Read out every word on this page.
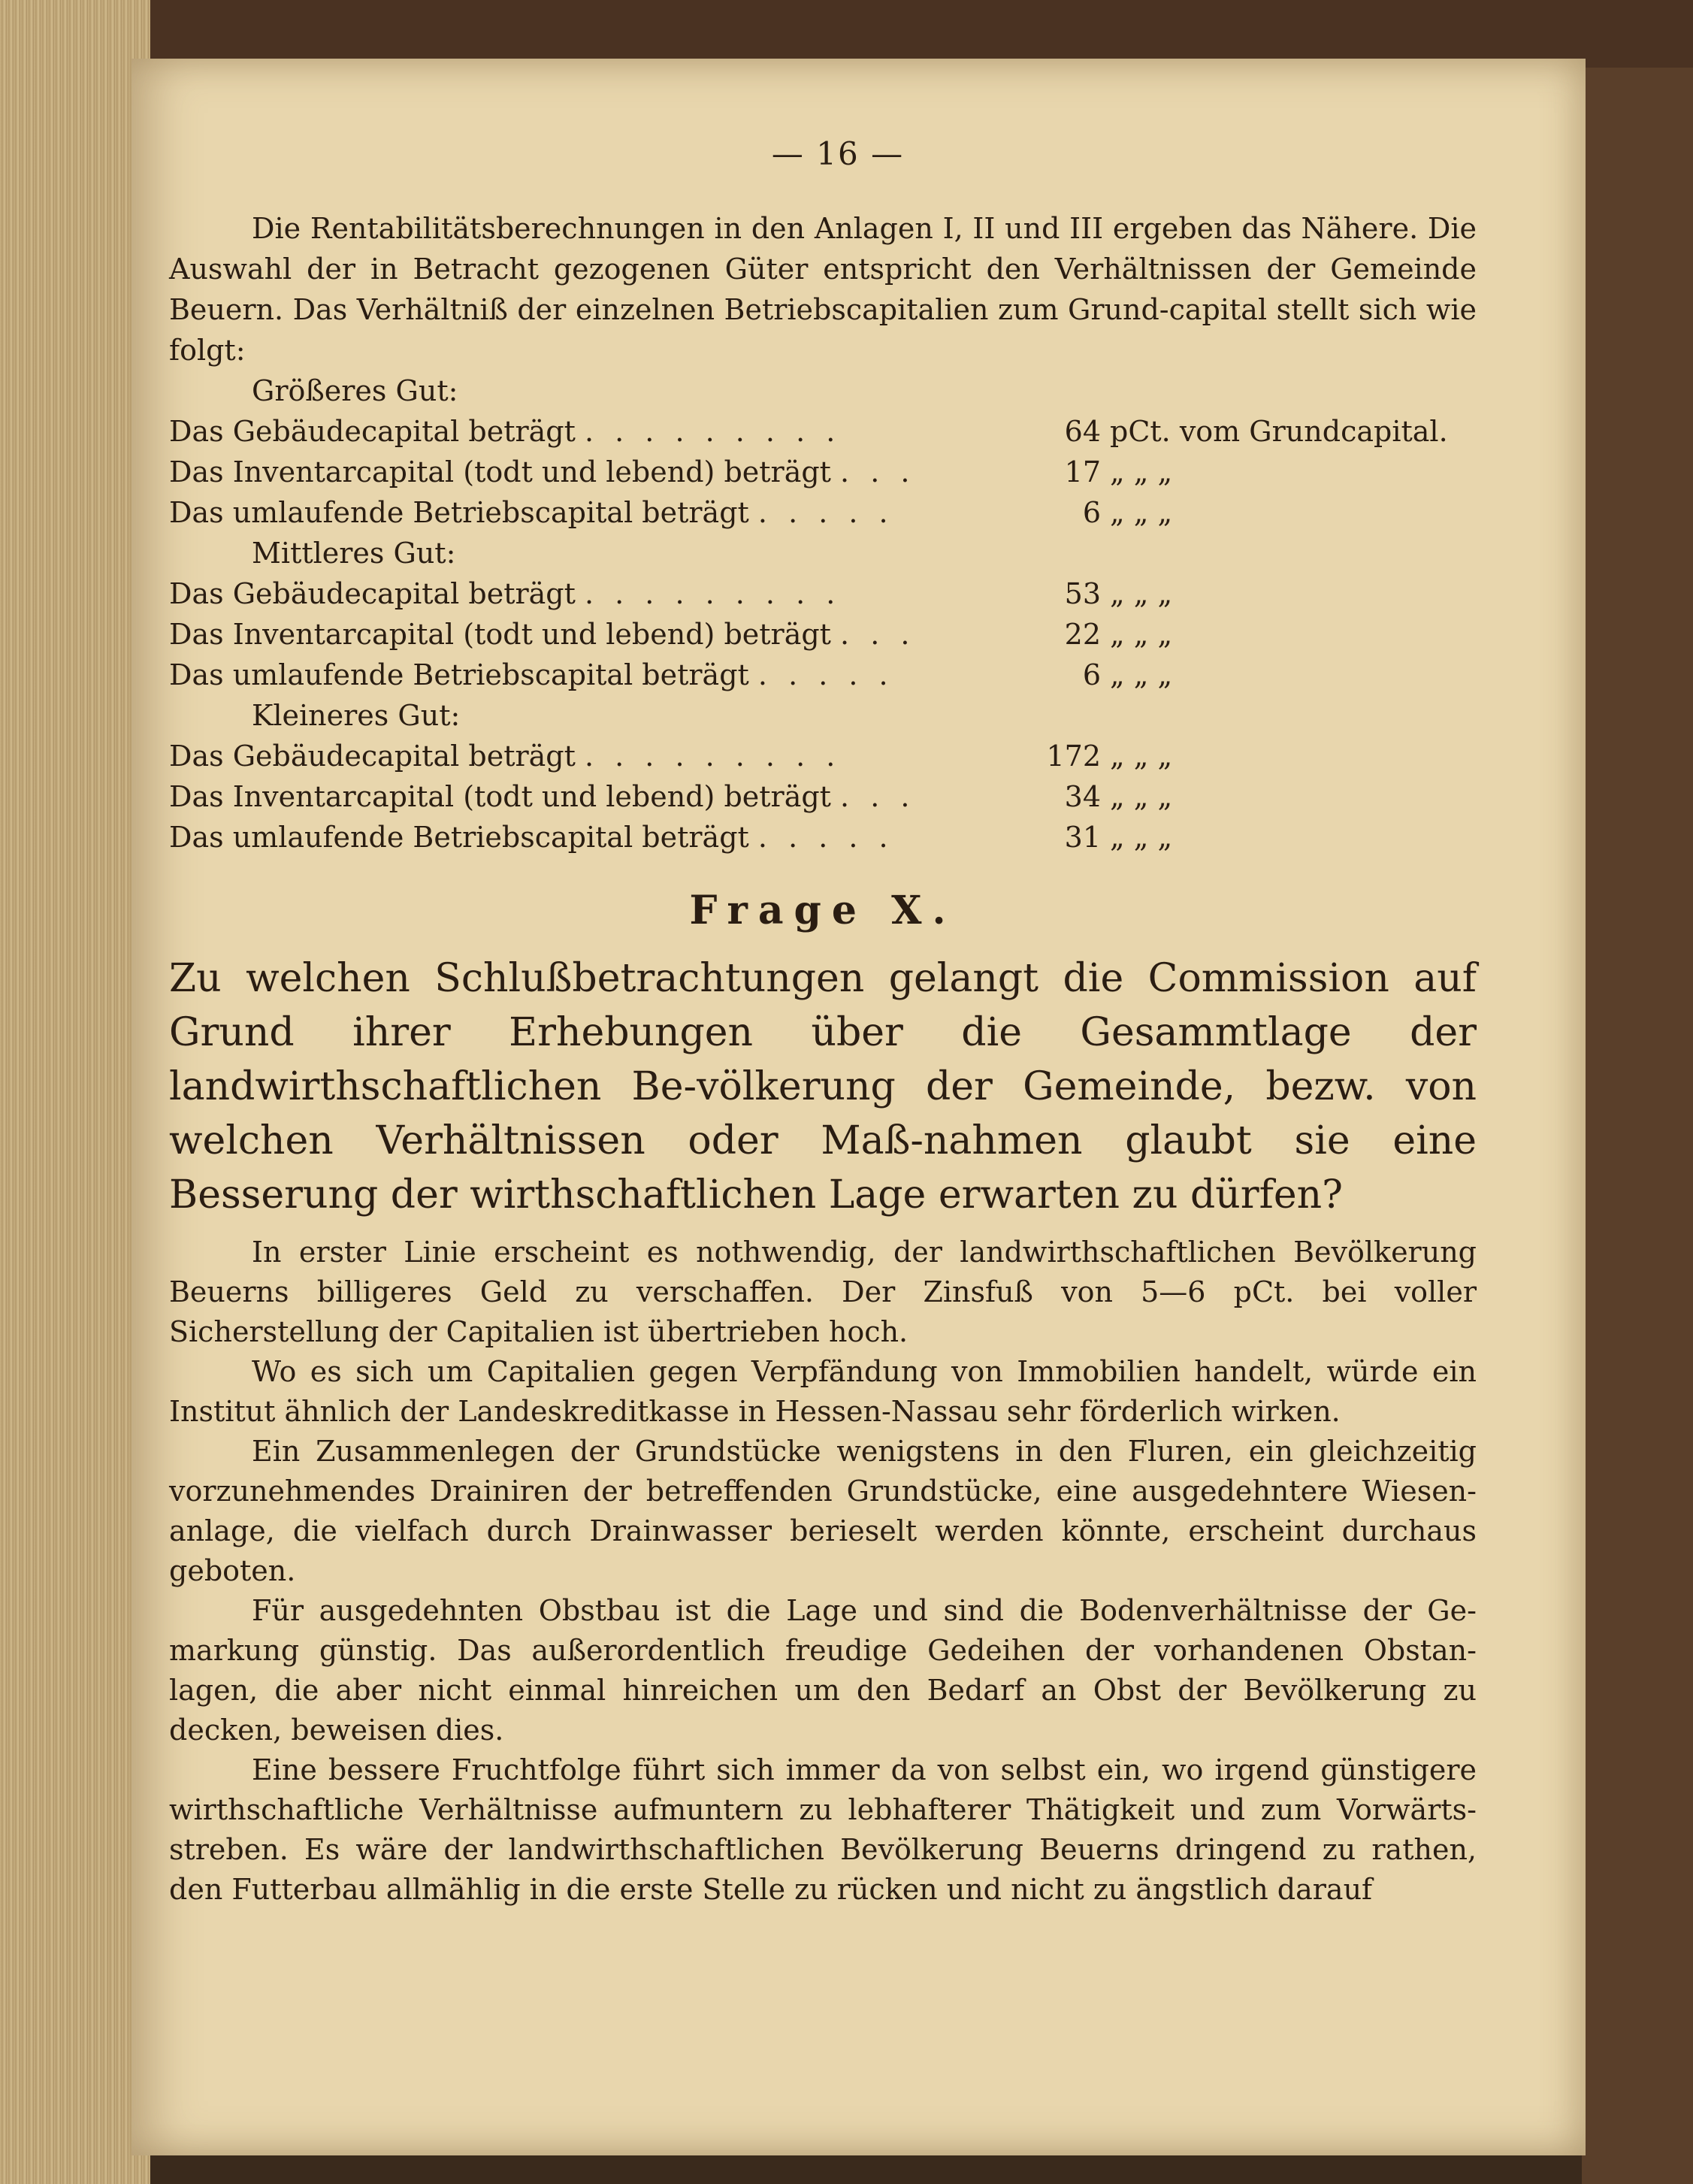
— 16 —

Die Rentabilitätsberechnungen in den Anlagen I, II und III ergeben das Nähere. Die Auswahl der in Betracht gezogenen Güter entspricht den Verhältnissen der Gemeinde Beuern. Das Verhältniß der einzelnen Betriebscapitalien zum Grund-capital stellt sich wie folgt:

Größeres Gut:
Das Gebäudecapital beträgt . . . . . . . . .	64 pCt. vom Grundcapital.
Das Inventarcapital (todt und lebend) beträgt . . .	17 „ „ „
Das umlaufende Betriebscapital beträgt . . . . .	6 „ „ „
Mittleres Gut:
Das Gebäudecapital beträgt . . . . . . . . .	53 „ „ „
Das Inventarcapital (todt und lebend) beträgt . . .	22 „ „ „
Das umlaufende Betriebscapital beträgt . . . . .	6 „ „ „
Kleineres Gut:
Das Gebäudecapital beträgt . . . . . . . . .	172 „ „ „
Das Inventarcapital (todt und lebend) beträgt . . .	34 „ „ „
Das umlaufende Betriebscapital beträgt . . . . .	31 „ „ „
Frage X.

Zu welchen Schlußbetrachtungen gelangt die Commission auf Grund ihrer Erhebungen über die Gesammtlage der landwirthschaftlichen Be-völkerung der Gemeinde, bezw. von welchen Verhältnissen oder Maß-nahmen glaubt sie eine Besserung der wirthschaftlichen Lage erwarten zu dürfen?

In erster Linie erscheint es nothwendig, der landwirthschaftlichen Bevölkerung Beuerns billigeres Geld zu verschaffen. Der Zinsfuß von 5—6 pCt. bei voller Sicherstellung der Capitalien ist übertrieben hoch.

Wo es sich um Capitalien gegen Verpfändung von Immobilien handelt, würde ein Institut ähnlich der Landeskreditkasse in Hessen-Nassau sehr förderlich wirken.

Ein Zusammenlegen der Grundstücke wenigstens in den Fluren, ein gleichzeitig vorzunehmendes Drainiren der betreffenden Grundstücke, eine ausgedehntere Wiesen-anlage, die vielfach durch Drainwasser berieselt werden könnte, erscheint durchaus geboten.

Für ausgedehnten Obstbau ist die Lage und sind die Bodenverhältnisse der Ge-markung günstig. Das außerordentlich freudige Gedeihen der vorhandenen Obstan-lagen, die aber nicht einmal hinreichen um den Bedarf an Obst der Bevölkerung zu decken, beweisen dies.

Eine bessere Fruchtfolge führt sich immer da von selbst ein, wo irgend günstigere wirthschaftliche Verhältnisse aufmuntern zu lebhafterer Thätigkeit und zum Vorwärts-streben. Es wäre der landwirthschaftlichen Bevölkerung Beuerns dringend zu rathen, den Futterbau allmählig in die erste Stelle zu rücken und nicht zu ängstlich darauf
